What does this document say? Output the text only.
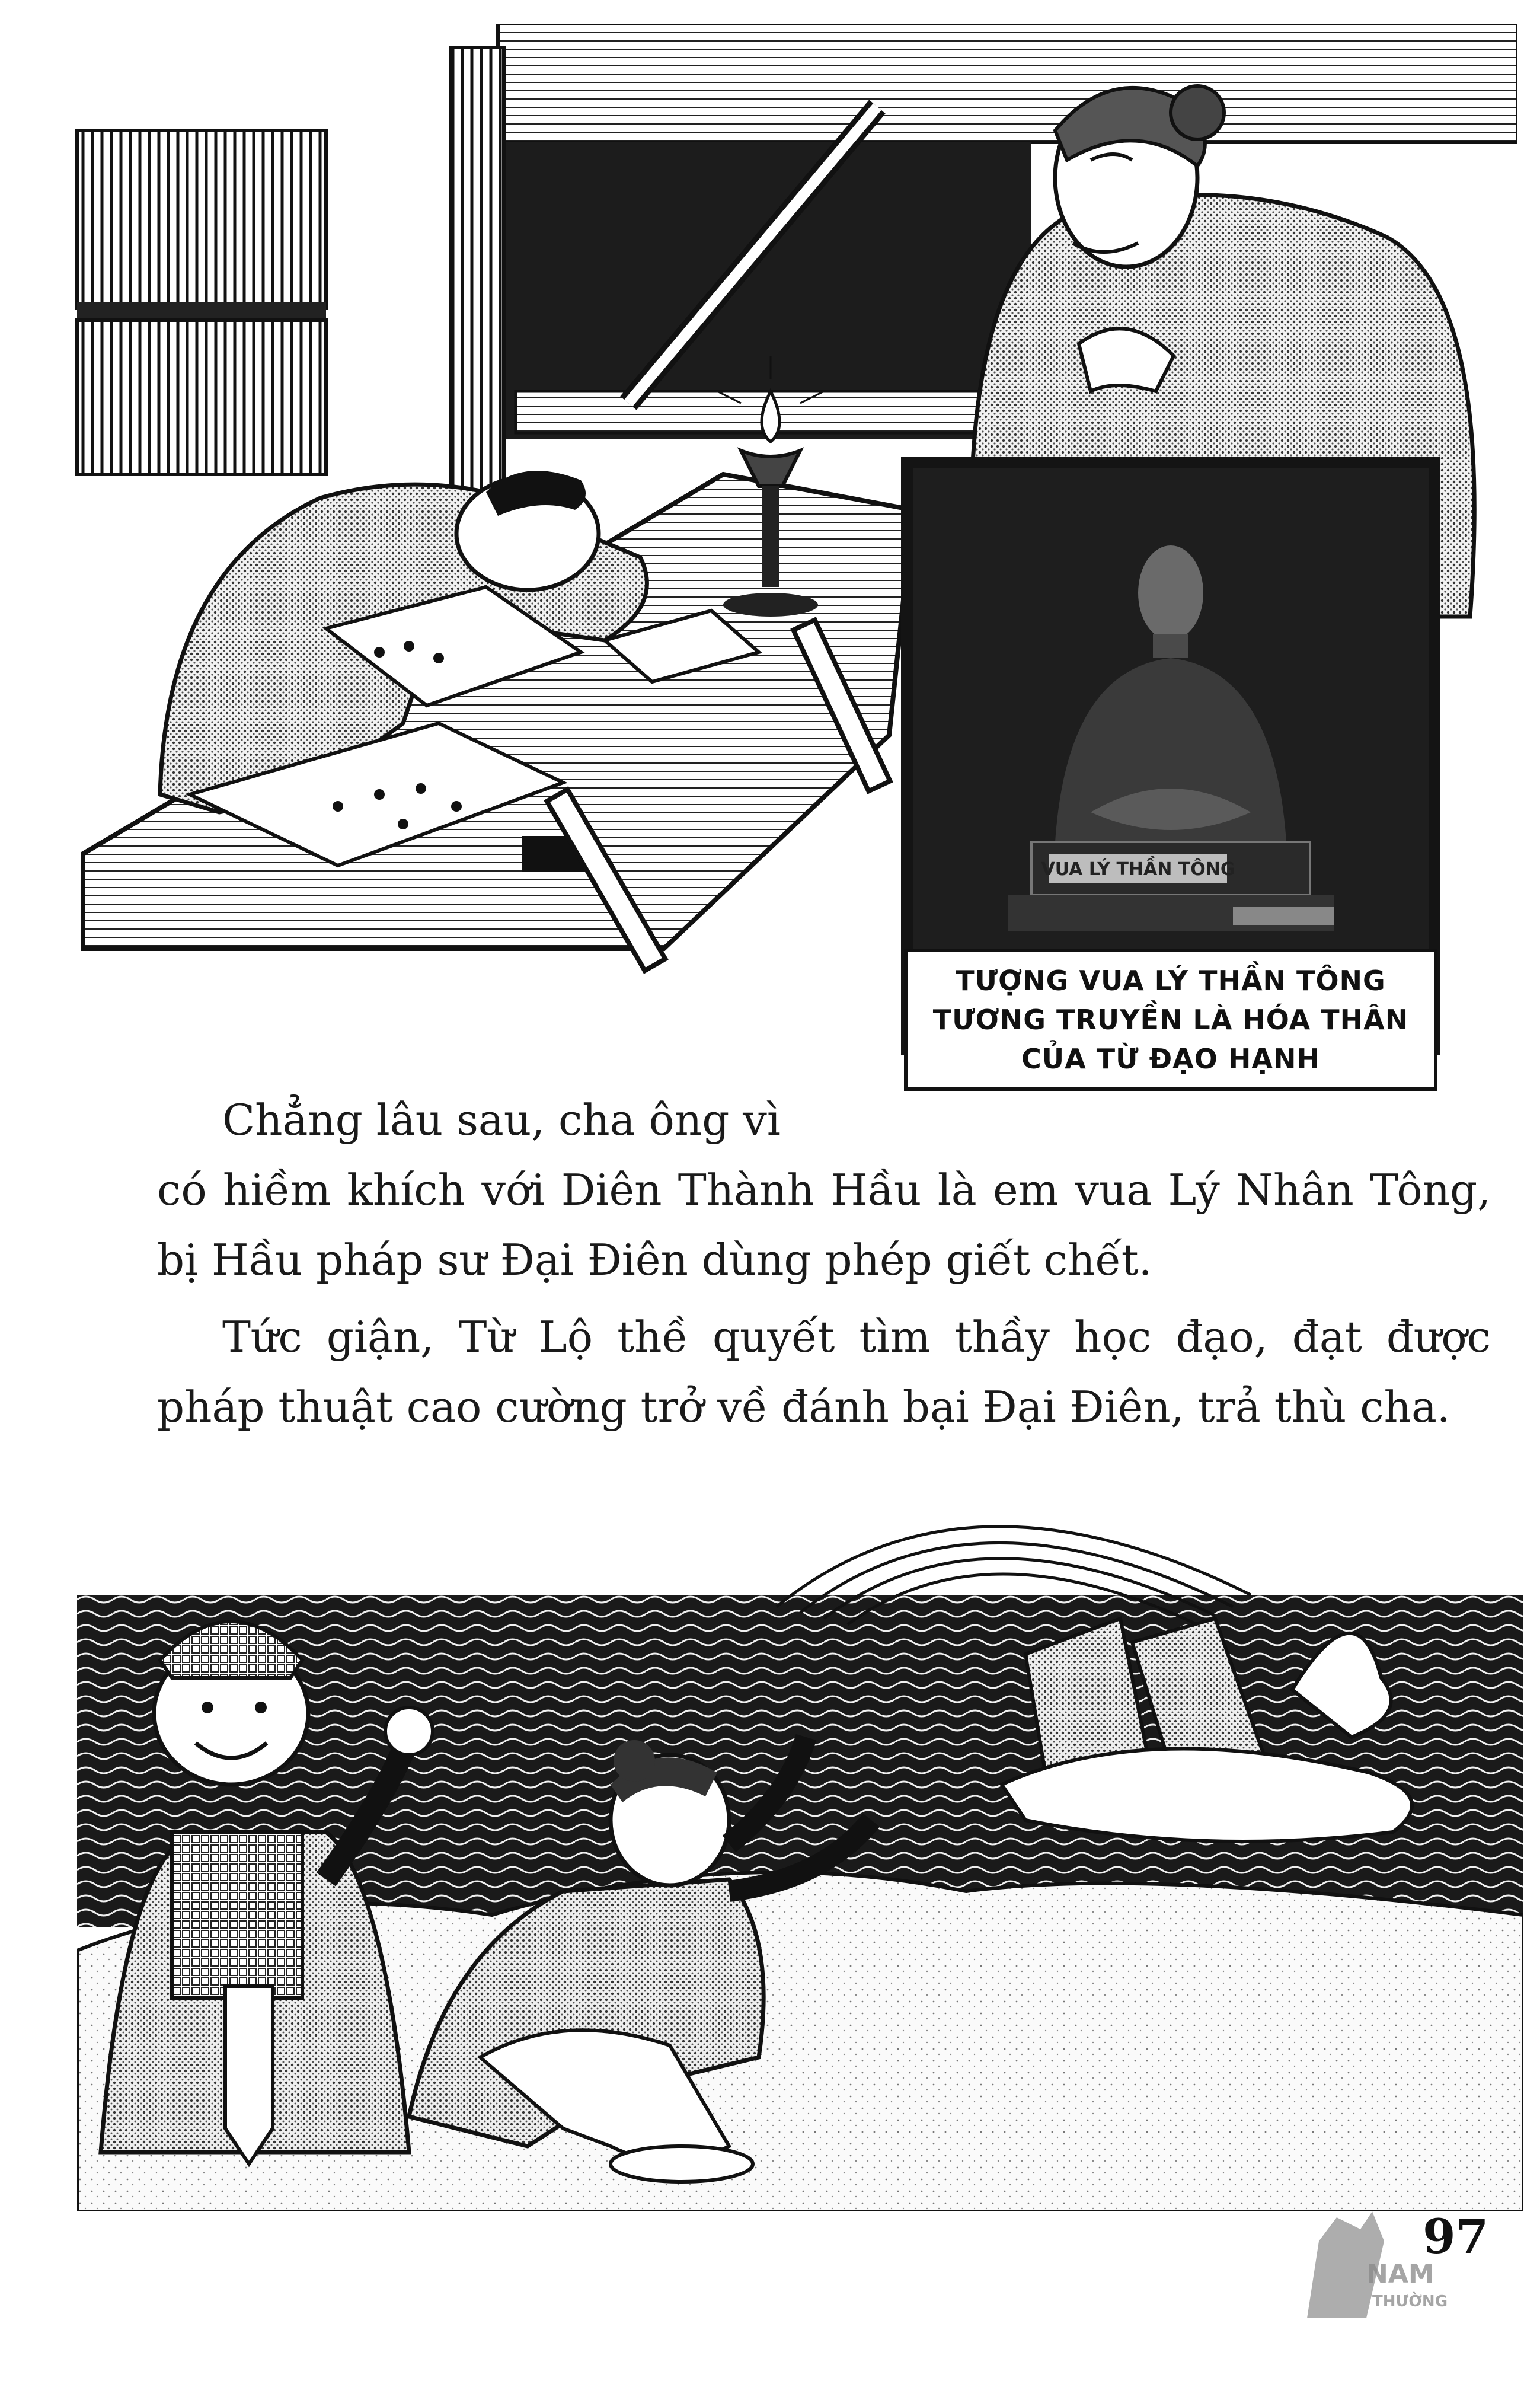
VUA LÝ THẦN TÔNG
TƯỢNG VUA LÝ THẦN TÔNG
TƯƠNG TRUYỀN LÀ HÓA THÂN
CỦA TỪ ĐẠO HẠNH

Chẳng lâu sau, cha ông vì
có hiềm khích với Diên Thành Hầu là em vua Lý Nhân Tông, bị Hầu pháp sư Đại Điên dùng phép giết chết.

Tức giận, Từ Lộ thề quyết tìm thầy học đạo, đạt được pháp thuật cao cường trở về đánh bại Đại Điên, trả thù cha.

NAM
THƯỜNG
97
